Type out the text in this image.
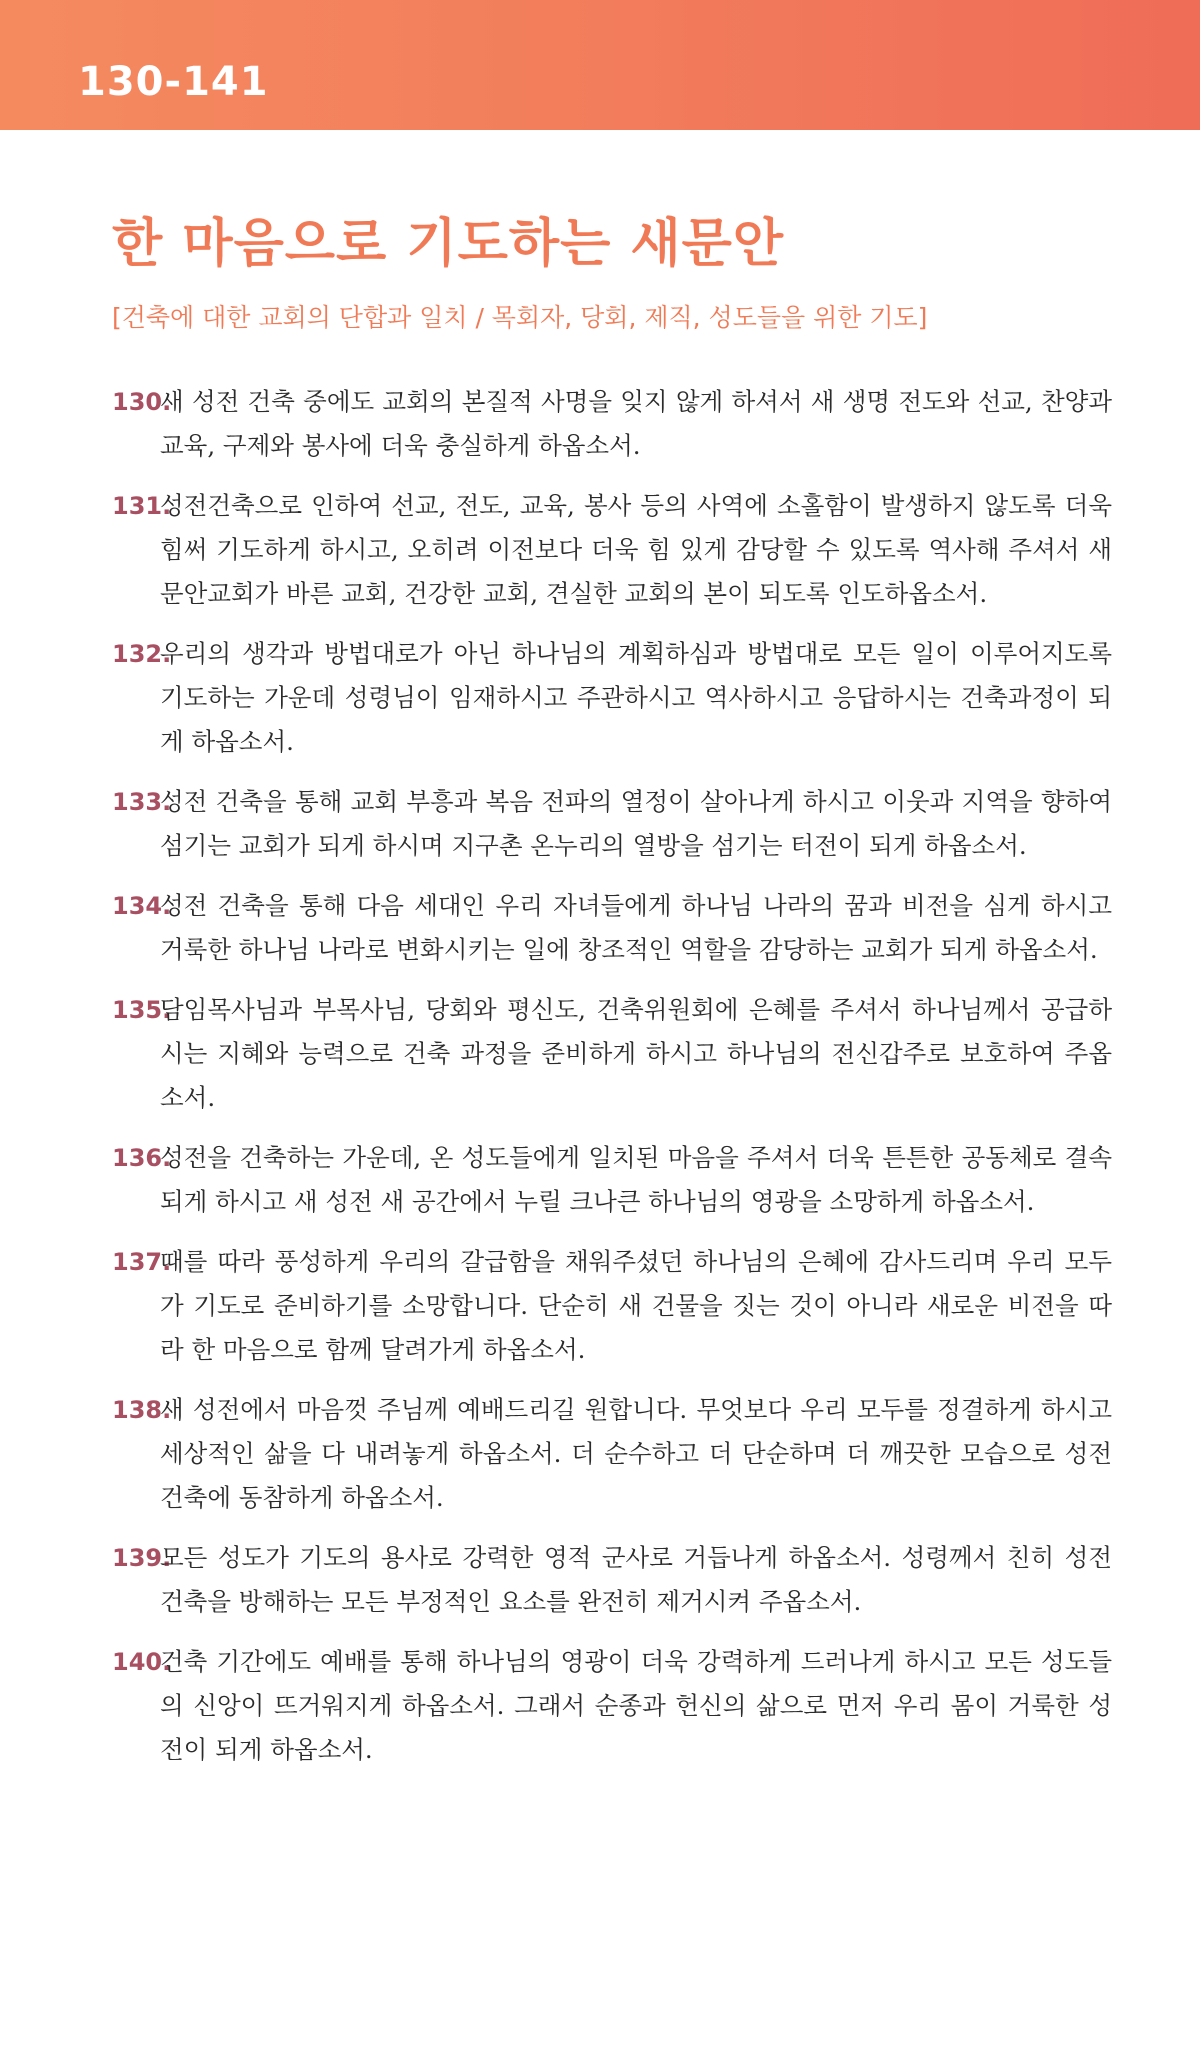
130-141
한 마음으로 기도하는 새문안
[건축에 대한 교회의 단합과 일치 / 목회자, 당회, 제직, 성도들을 위한 기도]
130.
새 성전 건축 중에도 교회의 본질적 사명을 잊지 않게 하셔서 새 생명 전도와 선교, 찬양과 교육, 구제와 봉사에 더욱 충실하게 하옵소서.
131.
성전건축으로 인하여 선교, 전도, 교육, 봉사 등의 사역에 소홀함이 발생하지 않도록 더욱 힘써 기도하게 하시고, 오히려 이전보다 더욱 힘 있게 감당할 수 있도록 역사해 주셔서 새문안교회가 바른 교회, 건강한 교회, 견실한 교회의 본이 되도록 인도하옵소서.
132.
우리의 생각과 방법대로가 아닌 하나님의 계획하심과 방법대로 모든 일이 이루어지도록 기도하는 가운데 성령님이 임재하시고 주관하시고 역사하시고 응답하시는 건축과정이 되게 하옵소서.
133.
성전 건축을 통해 교회 부흥과 복음 전파의 열정이 살아나게 하시고 이웃과 지역을 향하여 섬기는 교회가 되게 하시며 지구촌 온누리의 열방을 섬기는 터전이 되게 하옵소서.
134.
성전 건축을 통해 다음 세대인 우리 자녀들에게 하나님 나라의 꿈과 비전을 심게 하시고 거룩한 하나님 나라로 변화시키는 일에 창조적인 역할을 감당하는 교회가 되게 하옵소서.
135.
담임목사님과 부목사님, 당회와 평신도, 건축위원회에 은혜를 주셔서 하나님께서 공급하시는 지혜와 능력으로 건축 과정을 준비하게 하시고 하나님의 전신갑주로 보호하여 주옵소서.
136.
성전을 건축하는 가운데, 온 성도들에게 일치된 마음을 주셔서 더욱 튼튼한 공동체로 결속되게 하시고 새 성전 새 공간에서 누릴 크나큰 하나님의 영광을 소망하게 하옵소서.
137.
때를 따라 풍성하게 우리의 갈급함을 채워주셨던 하나님의 은혜에 감사드리며 우리 모두가 기도로 준비하기를 소망합니다. 단순히 새 건물을 짓는 것이 아니라 새로운 비전을 따라 한 마음으로 함께 달려가게 하옵소서.
138.
새 성전에서 마음껏 주님께 예배드리길 원합니다. 무엇보다 우리 모두를 정결하게 하시고 세상적인 삶을 다 내려놓게 하옵소서. 더 순수하고 더 단순하며 더 깨끗한 모습으로 성전건축에 동참하게 하옵소서.
139.
모든 성도가 기도의 용사로 강력한 영적 군사로 거듭나게 하옵소서. 성령께서 친히 성전 건축을 방해하는 모든 부정적인 요소를 완전히 제거시켜 주옵소서.
140.
건축 기간에도 예배를 통해 하나님의 영광이 더욱 강력하게 드러나게 하시고 모든 성도들의 신앙이 뜨거워지게 하옵소서. 그래서 순종과 헌신의 삶으로 먼저 우리 몸이 거룩한 성전이 되게 하옵소서.
